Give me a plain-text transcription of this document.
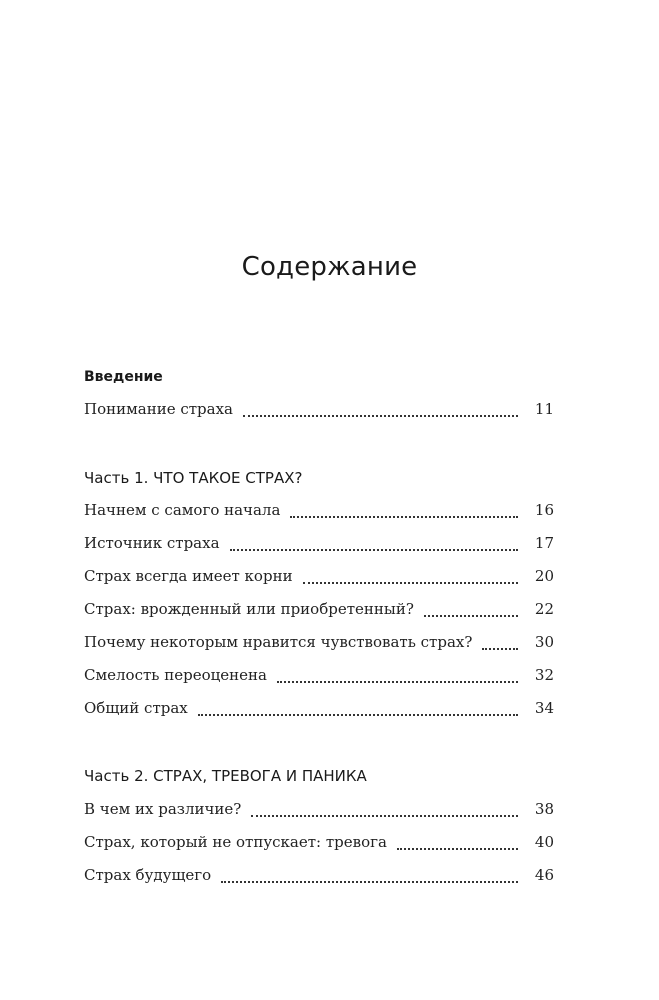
Содержание
Введение
Понимание страха	11
Часть 1. ЧТО ТАКОЕ СТРАХ?
Начнем с самого начала	16
Источник страха	17
Страх всегда имеет корни	20
Страх: врожденный или приобретенный?	22
Почему некоторым нравится чувствовать страх?	30
Смелость переоценена	32
Общий страх	34
Часть 2. СТРАХ, ТРЕВОГА И ПАНИКА
В чем их различие?	38
Страх, который не отпускает: тревога	40
Страх будущего	46
